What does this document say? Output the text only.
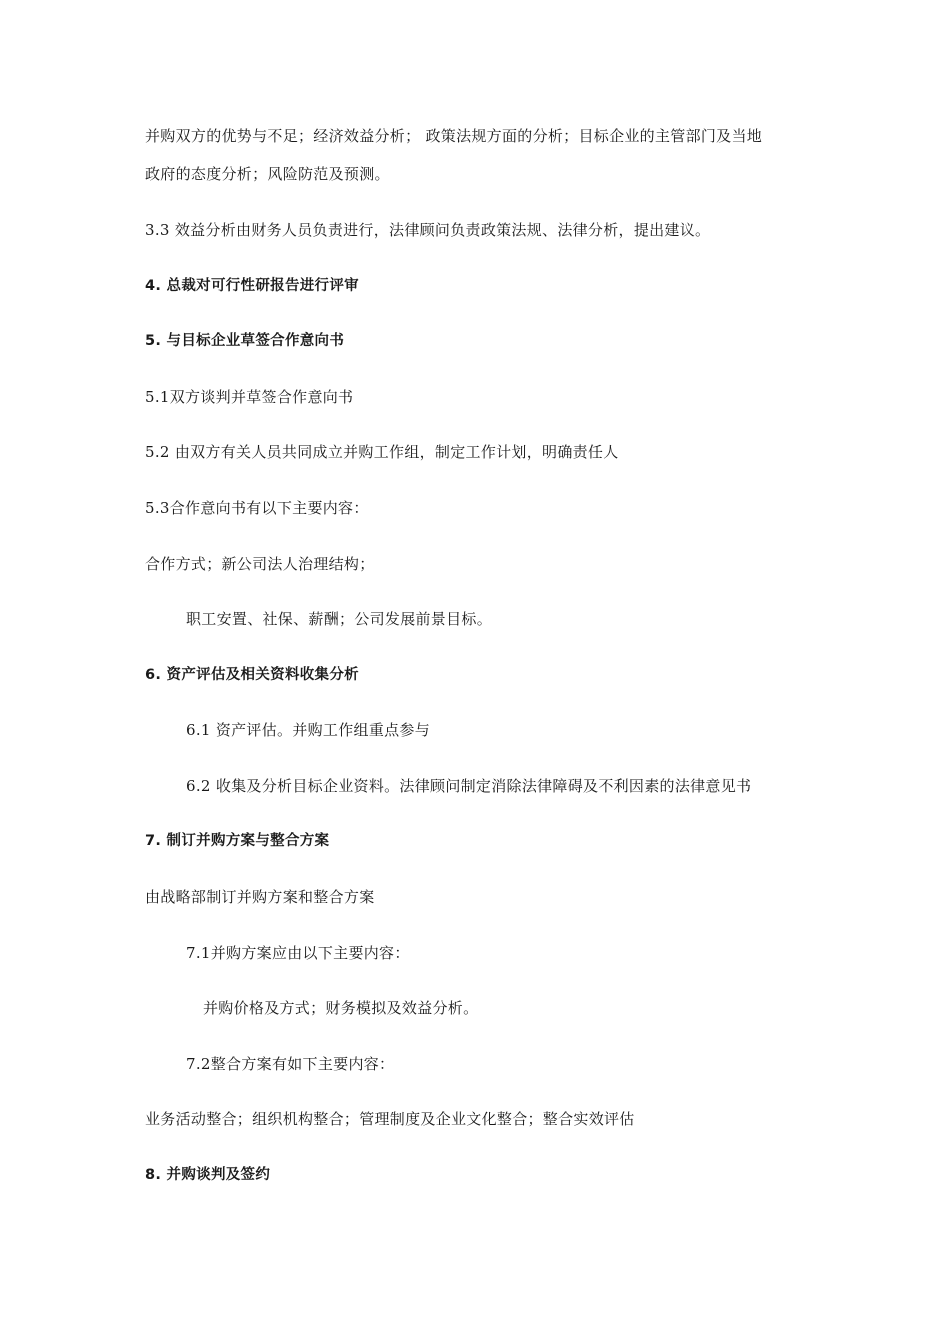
并购双方的优势与不足；经济效益分析； 政策法规方面的分析；目标企业的主管部门及当地
政府的态度分析；风险防范及预测。
3.3 效益分析由财务人员负责进行，法律顾问负责政策法规、法律分析，提出建议。
4. 总裁对可行性研报告进行评审
5. 与目标企业草签合作意向书
5.1双方谈判并草签合作意向书
5.2 由双方有关人员共同成立并购工作组，制定工作计划，明确责任人
5.3合作意向书有以下主要内容：
合作方式；新公司法人治理结构；
职工安置、社保、薪酬；公司发展前景目标。
6. 资产评估及相关资料收集分析
6.1 资产评估。并购工作组重点参与
6.2 收集及分析目标企业资料。法律顾问制定消除法律障碍及不利因素的法律意见书
7. 制订并购方案与整合方案
由战略部制订并购方案和整合方案
7.1并购方案应由以下主要内容：
并购价格及方式；财务模拟及效益分析。
7.2整合方案有如下主要内容：
业务活动整合；组织机构整合；管理制度及企业文化整合；整合实效评估
8. 并购谈判及签约
